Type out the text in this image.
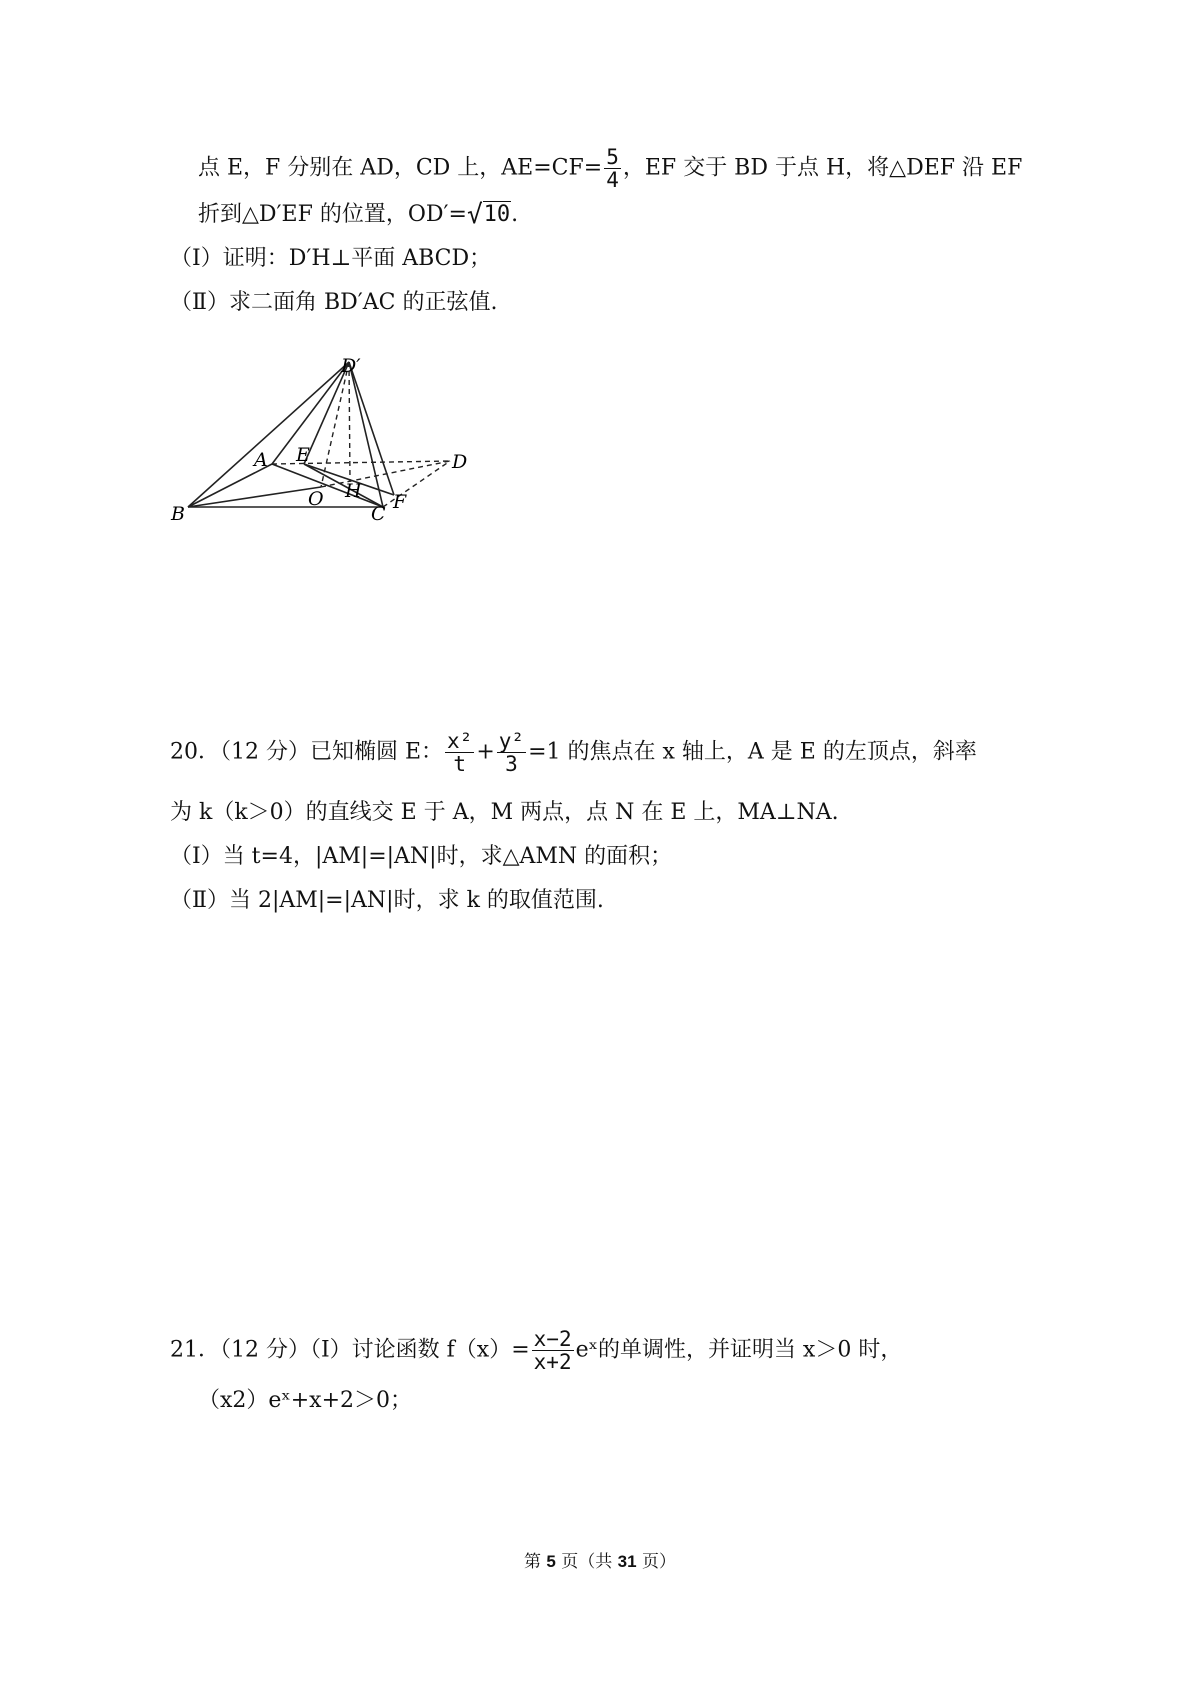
点 E，F 分别在 AD，CD 上，$AE=CF= \frac{5}{4}$ ，EF 交于 BD 于点 H，将△DEF 沿 EF
折到△D′EF 的位置，OD′=√10.
（Ⅰ）证明：D′H⊥平面 ABCD；
（Ⅱ）求二面角 B﻿D′A﻿C 的正弦值.
D′
A E	D
O H
B	C
F
20．（12 分）已知椭圆 E： $\frac{\text{x²}}{t} + \frac{\text{y²}}{3} =1$ 的焦点在 x 轴上，A 是 E 的左顶点，斜率
为 k（k＞0）的直线交 E 于 A，M 两点，点 N 在 E 上，MA⊥NA.
（Ⅰ）当 t=4，|AM|=|AN|时，求△AMN 的面积；
（Ⅱ）当 2|AM|=|AN|时，求 k 的取值范围.
21．（12 分）（Ⅰ）讨论函数 $f(x)= \frac{x-2}{x+2}$ eˣ的单调性，并证明当 x＞0 时，
（x﻿2）eˣ+x+2＞0；
第 5 页（共 31 页）
